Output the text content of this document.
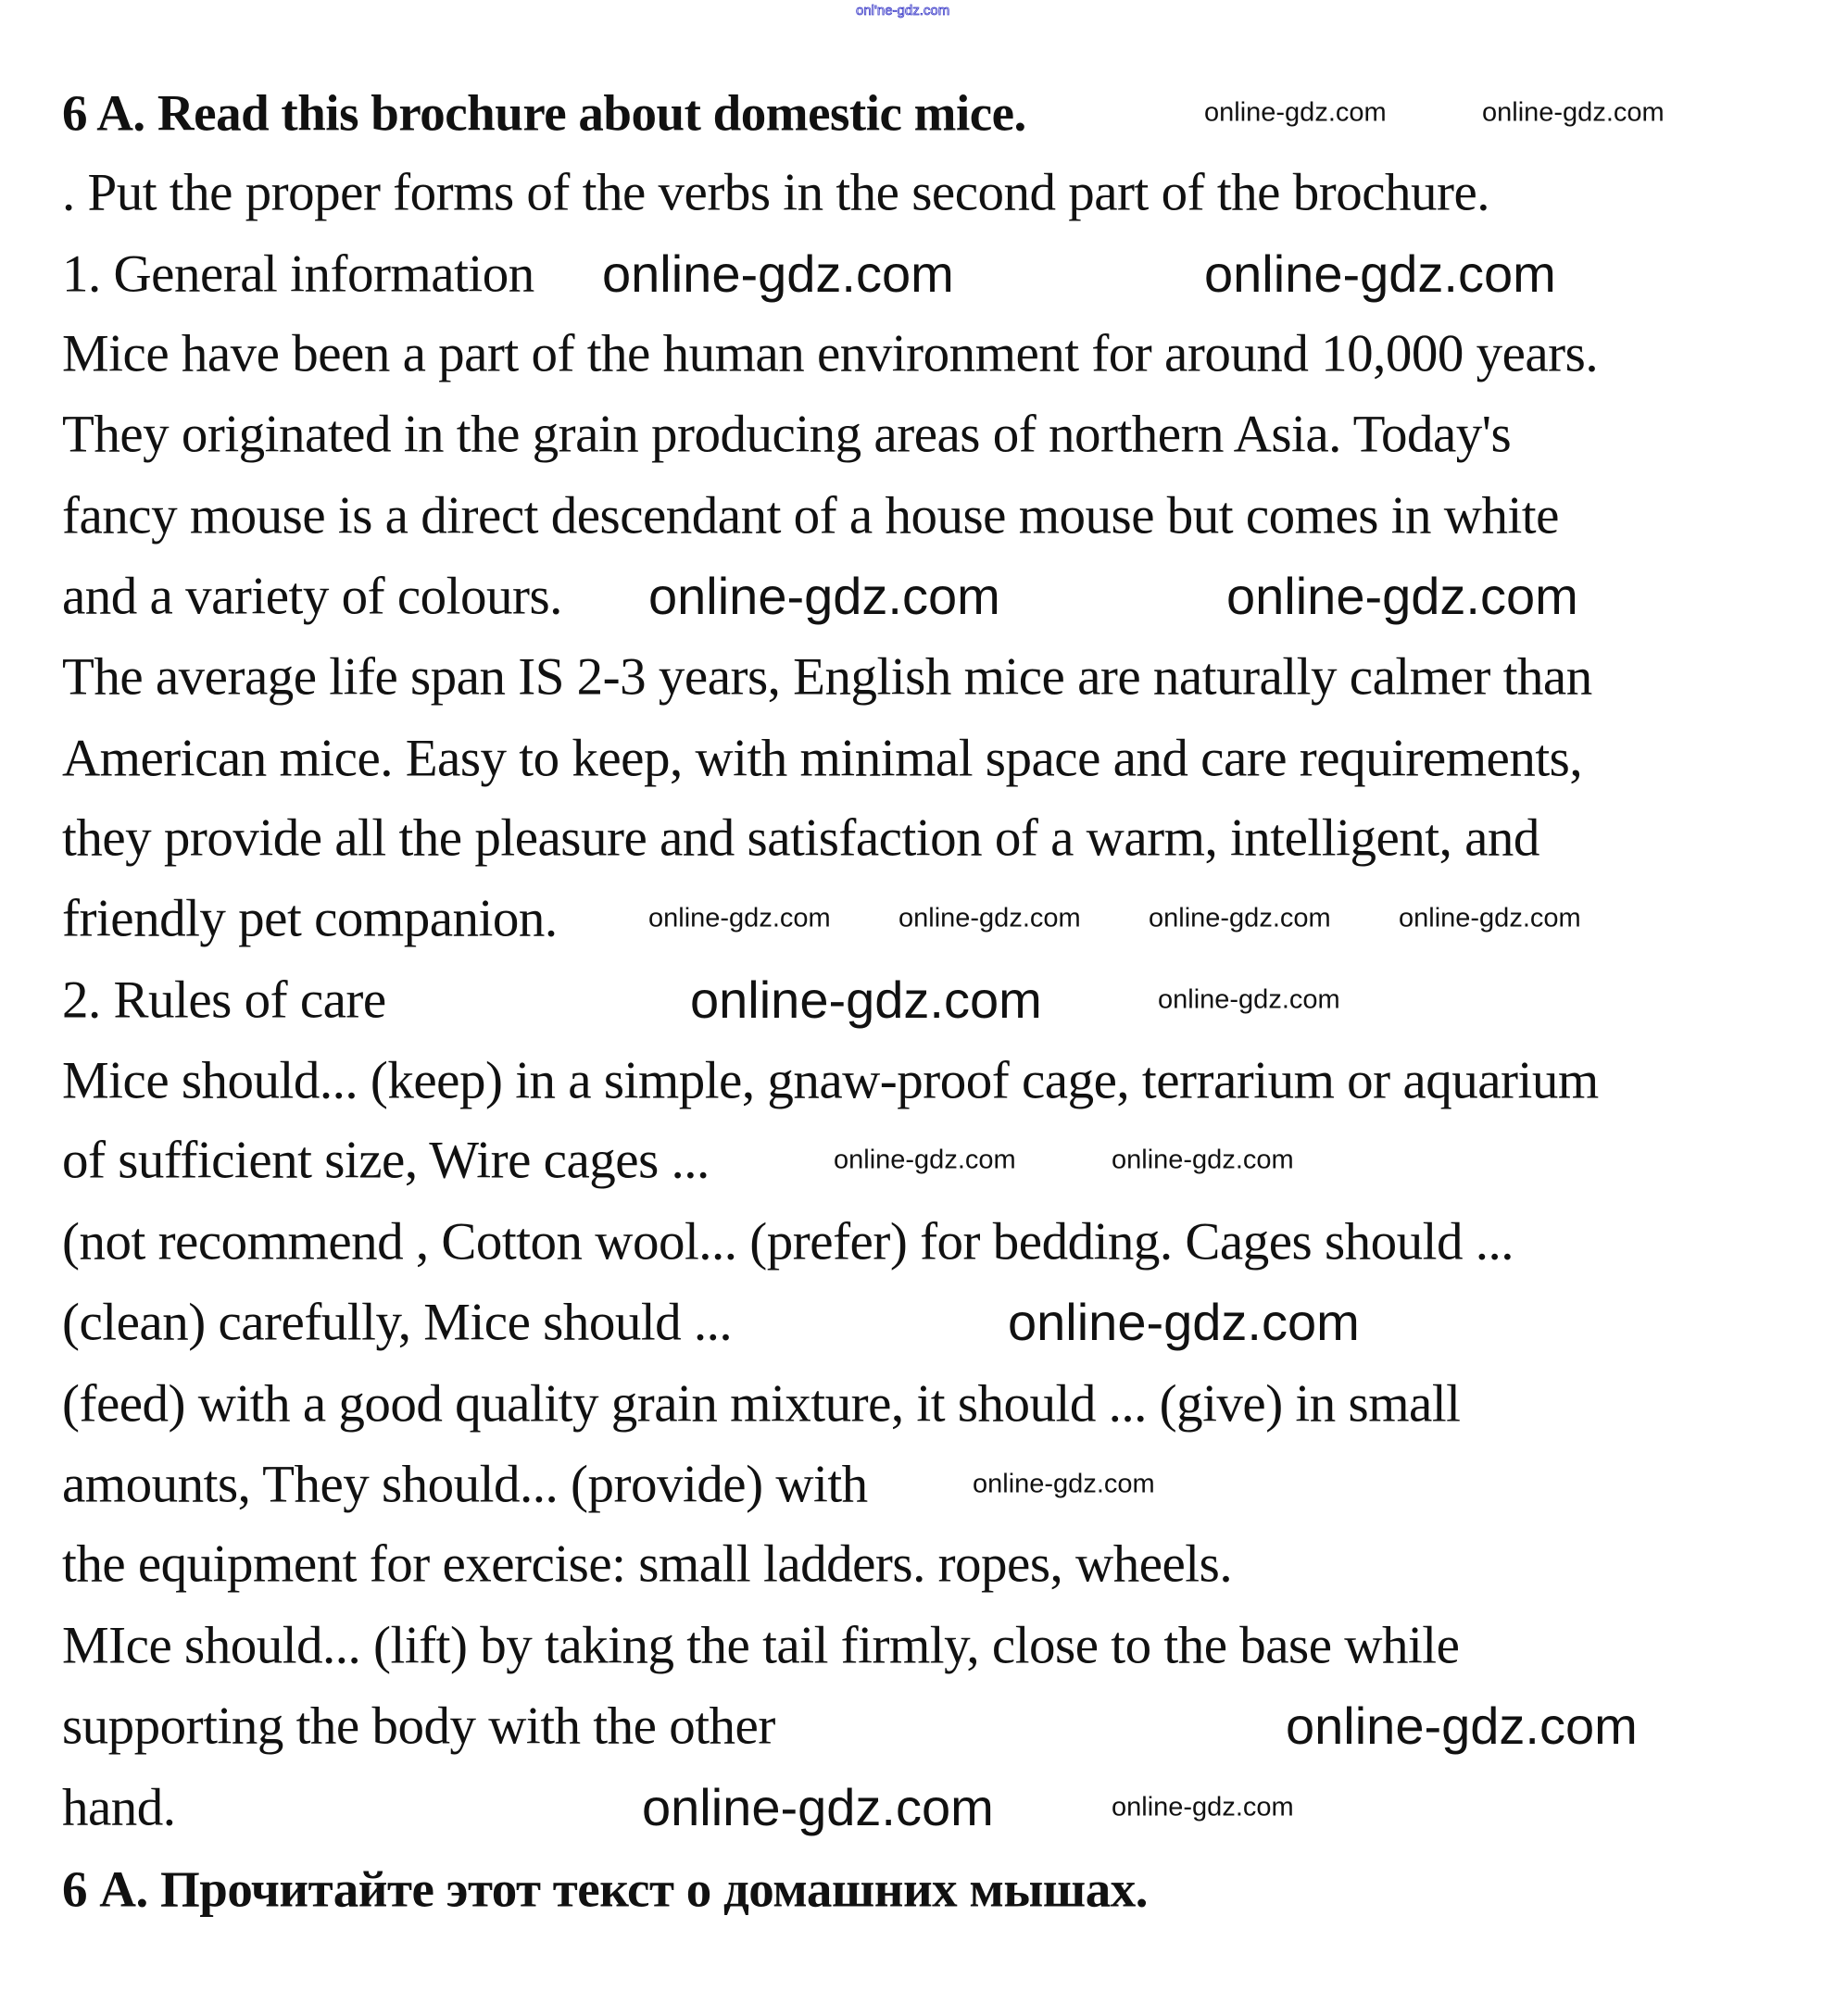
onl'ne-gdz.com
6 A. Read this brochure about domestic mice.
. Put the proper forms of the verbs in the second part of the brochure.
1. General information
Mice have been a part of the human environment for around 10,000 years.
They originated in the grain producing areas of northern Asia. Today's
fancy mouse is a direct descendant of a house mouse but comes in white
and a variety of colours.
The average life span IS 2-3 years, English mice are naturally calmer than
American mice. Easy to keep, with minimal space and care requirements,
they provide all the pleasure and satisfaction of a warm, intelligent, and
friendly pet companion.
2. Rules of care
Mice should... (keep) in a simple, gnaw-proof cage, terrarium or aquarium
of sufficient size, Wire cages ...
(not recommend , Cotton wool... (prefer) for bedding. Cages should ...
(clean) carefully, Mice should ...
(feed) with a good quality grain mixture, it should ... (give) in small
amounts, They should... (provide) with
the equipment for exercise: small ladders. ropes, wheels.
MIce should... (lift) by taking the tail firmly, close to the base while
supporting the body with the other
hand.
6 А. Прочитайте этот текст о домашних мышах.
online-gdz.com	online-gdz.com
online-gdz.com	online-gdz.com	online-gdz.com	online-gdz.com
online-gdz.com
online-gdz.com	online-gdz.com
online-gdz.com
online-gdz.com
online-gdz.com
online-gdz.com
online-gdz.com
online-gdz.com
online-gdz.com
online-gdz.com
online-gdz.com
online-gdz.com
